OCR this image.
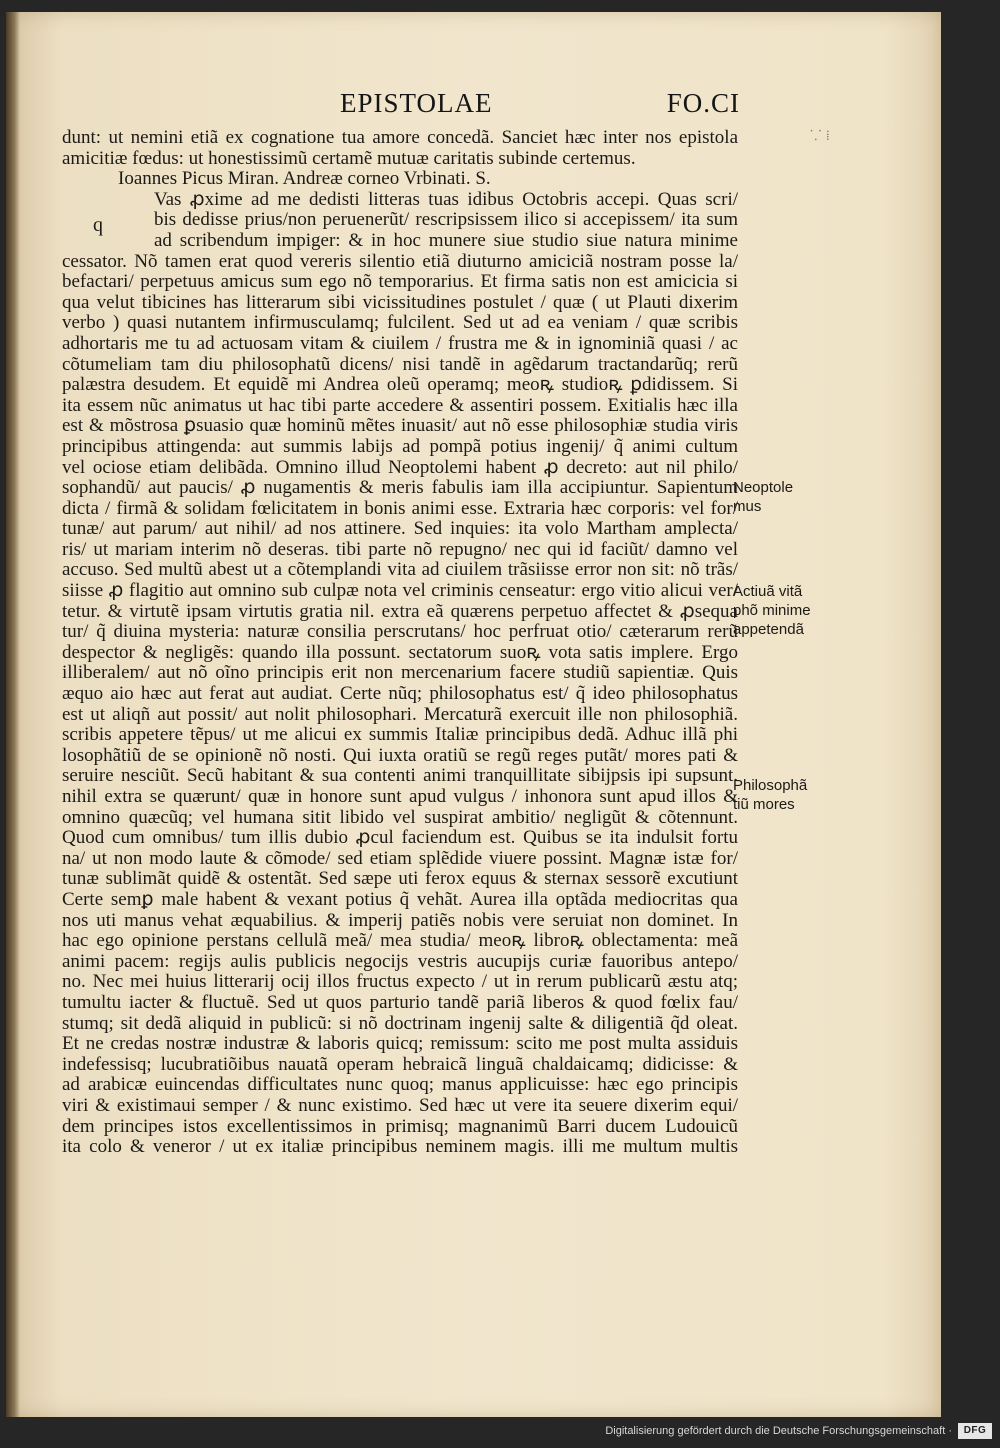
EPISTOLAE	FO.CI
⸪ ⁞
q
dunt: ut nemini etiã ex cognatione tua amore concedã. Sanciet hæc inter nos epistola
amicitiæ fœdus: ut honestissimũ certamẽ mutuæ caritatis subinde certemus.
Ioannes Picus Miran. Andreæ corneo Vrbinati. S.
Vas ꝓxime ad me dedisti litteras tuas idibus Octobris accepi. Quas scri/
bis dedisse prius/non peruenerũt/ rescripsissem ilico si accepissem/ ita sum
ad scribendum impiger: & in hoc munere siue studio siue natura minime
cessator. Nõ tamen erat quod vereris silentio etiã diuturno amiciciã nostram posse la/
befactari/ perpetuus amicus sum ego nõ temporarius. Et firma satis non est amicicia si
qua velut tibicines has litterarum sibi vicissitudines postulet / quæ ( ut Plauti dixerim
verbo ) quasi nutantem infirmusculamq; fulcilent. Sed ut ad ea veniam / quæ scribis
adhortaris me tu ad actuosam vitam & ciuilem / frustra me & in ignominiã quasi / ac
cõtumeliam tam diu philosophatũ dicens/ nisi tandẽ in agẽdarum tractandarũq; rerũ
palæstra desudem. Et equidẽ mi Andrea oleũ operamq; meoꝶ studioꝶ ꝑdidissem. Si
ita essem nũc animatus ut hac tibi parte accedere & assentiri possem. Exitialis hæc illa
est & mõstrosa ꝑsuasio quæ hominũ mẽtes inuasit/ aut nõ esse philosophiæ studia viris
principibus attingenda: aut summis labijs ad pompã potius ingenij/ q̃ animi cultum
vel ociose etiam delibãda. Omnino illud Neoptolemi habent ꝓ decreto: aut nil philo/
sophandũ/ aut paucis/ ꝓ nugamentis & meris fabulis iam illa accipiuntur. Sapientum
dicta / firmã & solidam fœlicitatem in bonis animi esse. Extraria hæc corporis: vel for/
tunæ/ aut parum/ aut nihil/ ad nos attinere. Sed inquies: ita volo Martham amplecta/
ris/ ut mariam interim nõ deseras. tibi parte nõ repugno/ nec qui id faciũt/ damno vel
accuso. Sed multũ abest ut a cõtemplandi vita ad ciuilem trãsiisse error non sit: nõ trãs/
siisse ꝓ flagitio aut omnino sub culpæ nota vel criminis censeatur: ergo vitio alicui ver/
tetur. & virtutẽ ipsam virtutis gratia nil. extra eã quærens perpetuo affectet & ꝓsequa
tur/ q̃ diuina mysteria: naturæ consilia perscrutans/ hoc perfruat otio/ cæterarum rerũ
despector & negligẽs: quando illa possunt. sectatorum suoꝶ vota satis implere. Ergo
illiberalem/ aut nõ oĩno principis erit non mercenarium facere studiũ sapientiæ. Quis
æquo aio hæc aut ferat aut audiat. Certe nũq; philosophatus est/ q̃ ideo philosophatus
est ut aliqñ aut possit/ aut nolit philosophari. Mercaturã exercuit ille non philosophiã.
scribis appetere tẽpus/ ut me alicui ex summis Italiæ principibus dedã. Adhuc illã phi
losophãtiũ de se opinionẽ nõ nosti. Qui iuxta oratiũ se regũ reges putãt/ mores pati &
seruire nesciũt. Secũ habitant & sua contenti animi tranquillitate sibijpsis ipi supsunt.
nihil extra se quærunt/ quæ in honore sunt apud vulgus / inhonora sunt apud illos &
omnino quæcũq; vel humana sitit libido vel suspirat ambitio/ negligũt & cõtennunt.
Quod cum omnibus/ tum illis dubio ꝓcul faciendum est. Quibus se ita indulsit fortu
na/ ut non modo laute & cõmode/ sed etiam splẽdide viuere possint. Magnæ istæ for/
tunæ sublimãt quidẽ & ostentãt. Sed sæpe uti ferox equus & sternax sessorẽ excutiunt
Certe semꝑ male habent & vexant potius q̃ vehãt. Aurea illa optãda mediocritas qua
nos uti manus vehat æquabilius. & imperij patiẽs nobis vere seruiat non dominet. In
hac ego opinione perstans cellulã meã/ mea studia/ meoꝶ libroꝶ oblectamenta: meã
animi pacem: regijs aulis publicis negocijs vestris aucupijs curiæ fauoribus antepo/
no. Nec mei huius litterarij ocij illos fructus expecto / ut in rerum publicarũ æstu atq;
tumultu iacter & fluctuẽ. Sed ut quos parturio tandẽ pariã liberos & quod fœlix fau/
stumq; sit dedã aliquid in publicũ: si nõ doctrinam ingenij salte & diligentiã q̃d oleat.
Et ne credas nostræ industræ & laboris quicq; remissum: scito me post multa assiduis
indefessisq; lucubratiõibus nauatã operam hebraicã linguã chaldaicamq; didicisse: &
ad arabicæ euincendas difficultates nunc quoq; manus applicuisse: hæc ego principis
viri & existimaui semper / & nunc existimo. Sed hæc ut vere ita seuere dixerim equi/
dem principes istos excellentissimos in primisq; magnanimũ Barri ducem Ludouicũ
ita colo & veneror / ut ex italiæ principibus neminem magis. illi me multum multis
Neoptole
mus
Actiuã vitã
phõ minime
appetendã
Philosophã
tiũ mores
Digitalisierung gefördert durch die Deutsche Forschungsgemeinschaft ·	DFG
